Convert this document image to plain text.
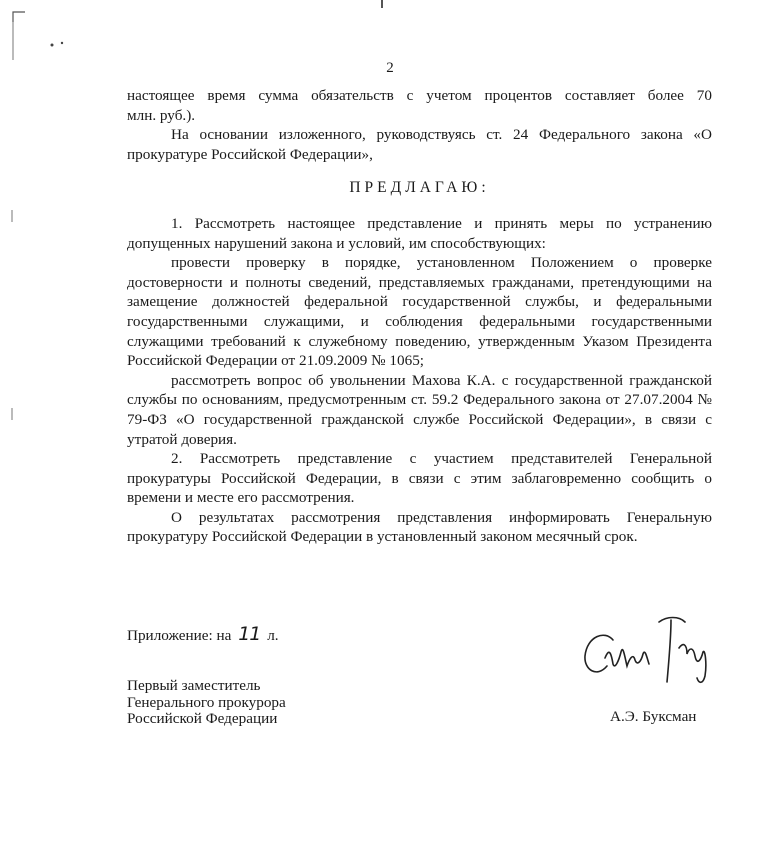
2

настоящее время сумма обязательств с учетом процентов составляет более 70

млн. руб.).

На основании изложенного, руководствуясь ст. 24 Федерального закона «О прокуратуре Российской Федерации»,

ПРЕДЛАГАЮ:

1. Рассмотреть настоящее представление и принять меры по устранению допущенных нарушений закона и условий, им способствующих:

провести проверку в порядке, установленном Положением о проверке достоверности и полноты сведений, представляемых гражданами, претендующими на замещение должностей федеральной государственной службы, и федеральными государственными служащими, и соблюдения федеральными государственными служащими требований к служебному поведению, утвержденным Указом Президента Российской Федерации от 21.09.2009 № 1065;

рассмотреть вопрос об увольнении Махова К.А. с государственной гражданской службы по основаниям, предусмотренным ст. 59.2 Федерального закона от 27.07.2004 № 79-ФЗ «О государственной гражданской службе Российской Федерации», в связи с утратой доверия.

2. Рассмотреть представление с участием представителей Генеральной прокуратуры Российской Федерации, в связи с этим заблаговременно сообщить о времени и месте его рассмотрения.

О результатах рассмотрения представления информировать Генеральную прокуратуру Российской Федерации в установленный законом месячный срок.

Приложение: на 11 л.
Первый заместитель
Генерального прокурора
Российской Федерации	А.Э. Буксман
